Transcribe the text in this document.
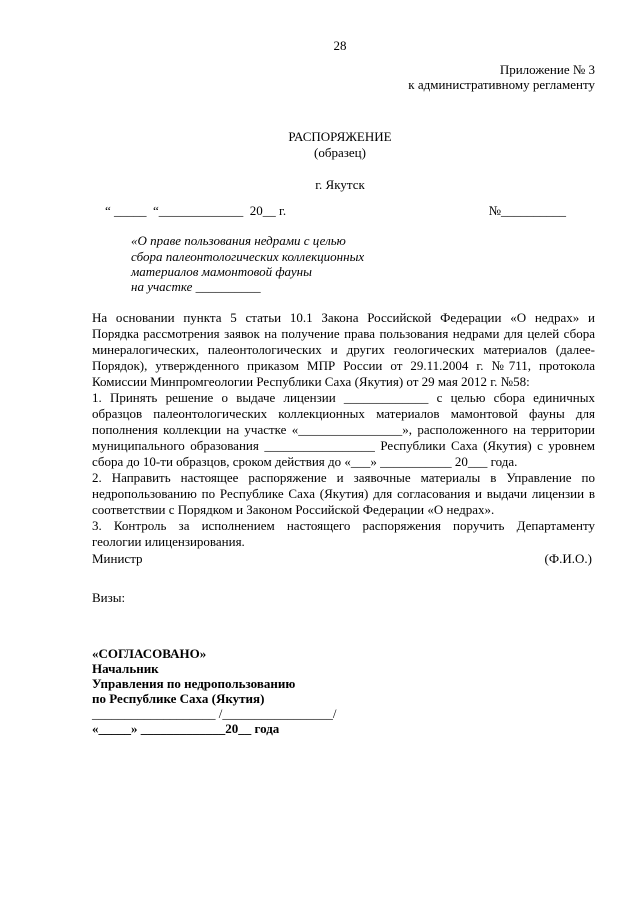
28
Приложение № 3
к административному регламенту
РАСПОРЯЖЕНИЕ
(образец)
г. Якутск
“ _____  “_____________  20__ г.	№__________
«О праве пользования недрами с целью
сбора палеонтологических коллекционных
материалов мамонтовой фауны
на участке __________
На основании пункта 5 статьи 10.1 Закона Российской Федерации «О недрах» и
Порядка рассмотрения заявок на получение права пользования недрами для целей сбора
минералогических, палеонтологических и других геологических материалов (далее-
Порядок), утвержденного приказом МПР России от 29.11.2004 г. №711, протокола
Комиссии Минпромгеологии Республики Саха (Якутия) от 29 мая 2012 г. №58:
1. Принять решение о выдаче лицензии _____________ с целью сбора единичных
образцов палеонтологических коллекционных материалов мамонтовой фауны для
пополнения коллекции на участке «________________», расположенного на территории
муниципального образования _________________ Республики Саха (Якутия) с уровнем
сбора до 10-ти образцов, сроком действия до «___» ___________ 20___ года.
2. Направить настоящее распоряжение и заявочные материалы в Управление по
недропользованию по Республике Саха (Якутия) для согласования и выдачи лицензии в
соответствии с Порядком и Законом Российской Федерации «О недрах».
3. Контроль за исполнением настоящего распоряжения поручить Департаменту
геологии илицензирования.
Министр	(Ф.И.О.)
Визы:
«СОГЛАСОВАНО»
Начальник
Управления по недропользованию
по Республике Саха (Якутия)
___________________ /_________________/
«_____» _____________20__ года
